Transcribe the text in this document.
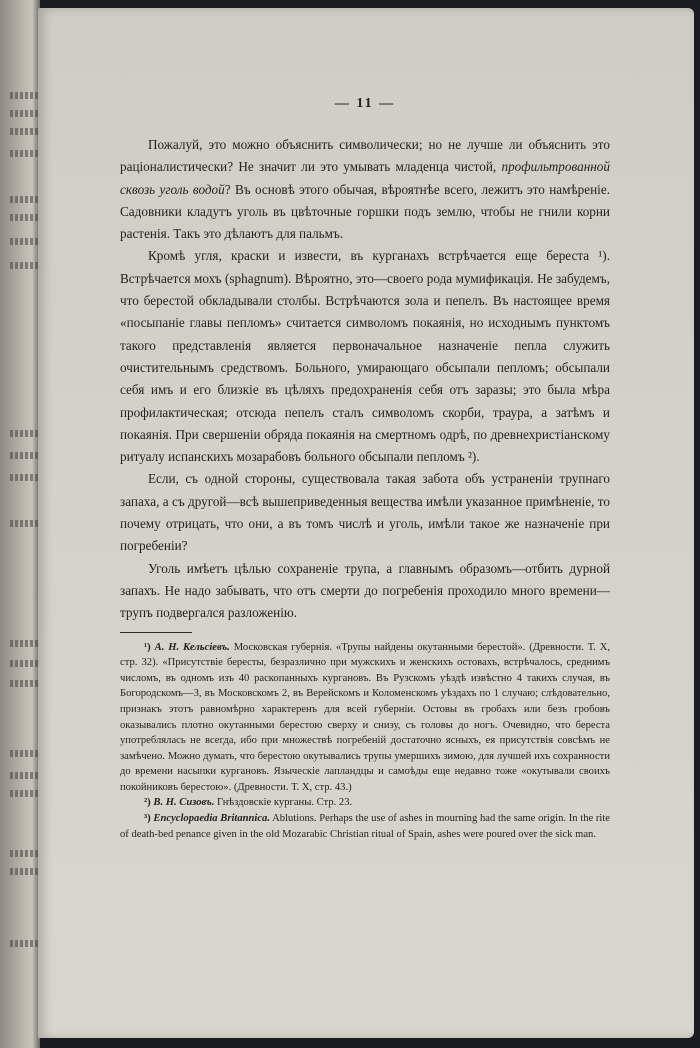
— 11 —

Пожалуй, это можно объяснить символически; но не лучше ли объяснить это раціоналистически? Не значит ли это умывать младенца чистой, профильтрованной сквозь уголь водой? Въ основѣ этого обычая, вѣроятнѣе всего, лежитъ это намѣреніе. Садовники кладутъ уголь въ цвѣточные горшки подъ землю, чтобы не гнили корни растенія. Такъ это дѣлаютъ для пальмъ.

Кромѣ угля, краски и извести, въ курганахъ встрѣчается еще береста ¹). Встрѣчается мохъ (sphagnum). Вѣроятно, это—своего рода мумификація. Не забудемъ, что берестой обкладывали столбы. Встрѣчаются зола и пепелъ. Въ настоящее время «посыпаніе главы пепломъ» считается символомъ покаянія, но исходнымъ пунктомъ такого представленія является первоначальное назначеніе пепла служить очистительнымъ средствомъ. Больного, умирающаго обсыпали пепломъ; обсыпали себя имъ и его близкіе въ цѣляхъ предохраненія себя отъ заразы; это была мѣра профилактическая; отсюда пепелъ сталъ символомъ скорби, траура, а затѣмъ и покаянія. При свершеніи обряда покаянія на смертномъ одрѣ, по древнехристіанскому ритуалу испанскихъ мозарабовъ больного обсыпали пепломъ ²).

Если, съ одной стороны, существовала такая забота объ устраненіи трупнаго запаха, а съ другой—всѣ вышеприведенныя вещества имѣли указанное примѣненіе, то почему отрицать, что они, а въ томъ числѣ и уголь, имѣли такое же назначеніе при погребеніи?

Уголь имѣетъ цѣлью сохраненіе трупа, а главнымъ образомъ—отбить дурной запахъ. Не надо забывать, что отъ смерти до погребенія проходило много времени—трупъ подвергался разложенію.

¹) А. Н. Кельсіевъ. Московская губернія. «Трупы найдены окутанными берестой». (Древности. Т. X, стр. 32). «Присутствіе бересты, безразлично при мужскихъ и женскихъ остовахъ, встрѣчалось, среднимъ числомъ, въ одномъ изъ 40 раскопанныхъ кургановъ. Въ Рузскомъ уѣздѣ извѣстно 4 такихъ случая, въ Богородскомъ—3, въ Московскомъ 2, въ Верейскомъ и Коломенскомъ уѣздахъ по 1 случаю; слѣдовательно, признакъ этотъ равномѣрно характеренъ для всей губерніи. Остовы въ гробахъ или безъ гробовъ оказывались плотно окутанными берестою сверху и снизу, съ головы до ногъ. Очевидно, что береста употреблялась не всегда, ибо при множествѣ погребеній достаточно ясныхъ, ея присутствія совсѣмъ не замѣчено. Можно думать, что берестою окутывались трупы умершихъ зимою, для лучшей ихъ сохранности до времени насыпки кургановъ. Языческіе лапландцы и самоѣды еще недавно тоже «окутывали своихъ покойниковъ берестою». (Древности. Т. X, стр. 43.)

²) В. Н. Сизовъ. Гнѣздовскіе курганы. Стр. 23.

³) Encyclopaedia Britannica. Ablutions. Perhaps the use of ashes in mourning had the same origin. In the rite of death-bed penance given in the old Mozarabic Christian ritual of Spain, ashes were poured over the sick man.
